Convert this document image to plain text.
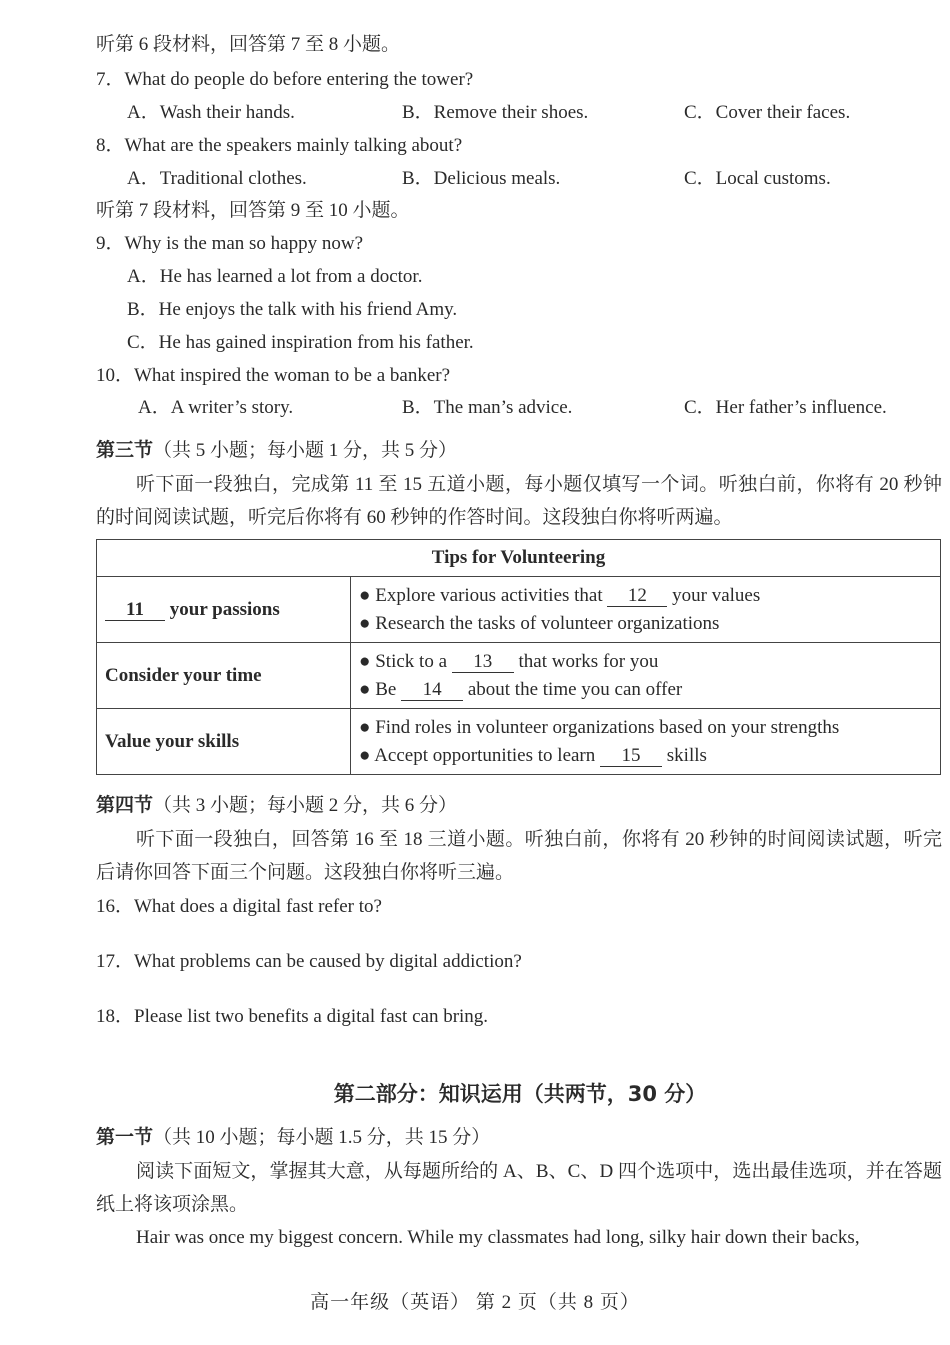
听第 6 段材料，回答第 7 至 8 小题。
7．What do people do before entering the tower?
A．Wash their hands.	B．Remove their shoes.	C．Cover their faces.
8．What are the speakers mainly talking about?
A．Traditional clothes.	B．Delicious meals.	C．Local customs.
听第 7 段材料，回答第 9 至 10 小题。
9．Why is the man so happy now?
A．He has learned a lot from a doctor.
B．He enjoys the talk with his friend Amy.
C．He has gained inspiration from his father.
10．What inspired the woman to be a banker?
A．A writer’s story.	B．The man’s advice.	C．Her father’s influence.
第三节（共 5 小题；每小题 1 分，共 5 分）
听下面一段独白，完成第 11 至 15 五道小题，每小题仅填写一个词。听独白前，你将有 20 秒钟的时间阅读试题，听完后你将有 60 秒钟的作答时间。这段独白你将听两遍。
Tips for Volunteering	
11 your passions	● Explore various activities that 12 your values
● Research the tasks of volunteer organizations

Consider your time	● Stick to a 13 that works for you
● Be 14 about the time you can offer

Value your skills	● Find roles in volunteer organizations based on your strengths
● Accept opportunities to learn 15 skills
第四节（共 3 小题；每小题 2 分，共 6 分）
听下面一段独白，回答第 16 至 18 三道小题。听独白前，你将有 20 秒钟的时间阅读试题，听完后请你回答下面三个问题。这段独白你将听三遍。
16．What does a digital fast refer to?
17．What problems can be caused by digital addiction?
18．Please list two benefits a digital fast can bring.
第二部分：知识运用（共两节，30 分）
第一节（共 10 小题；每小题 1.5 分，共 15 分）
阅读下面短文，掌握其大意，从每题所给的 A、B、C、D 四个选项中，选出最佳选项，并在答题纸上将该项涂黑。
Hair was once my biggest concern. While my classmates had long, silky hair down their backs,
高一年级（英语） 第 2 页（共 8 页）
